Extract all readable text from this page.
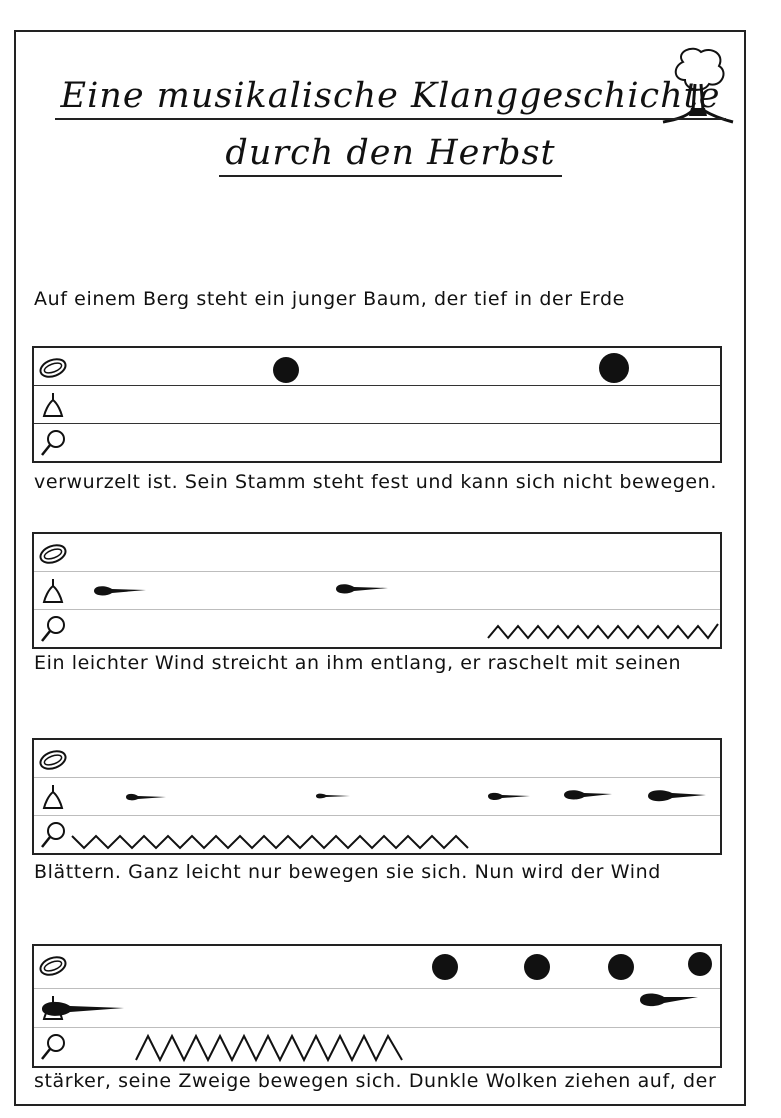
Eine musikalische Klanggeschichte
durch den Herbst
Auf einem Berg steht ein junger Baum, der tief in der Erde
verwurzelt ist. Sein Stamm steht fest und kann sich nicht bewegen.
Ein leichter Wind streicht an ihm entlang, er raschelt mit seinen
Blättern. Ganz leicht nur bewegen sie sich. Nun wird der Wind
stärker, seine Zweige bewegen sich. Dunkle Wolken ziehen auf, der
